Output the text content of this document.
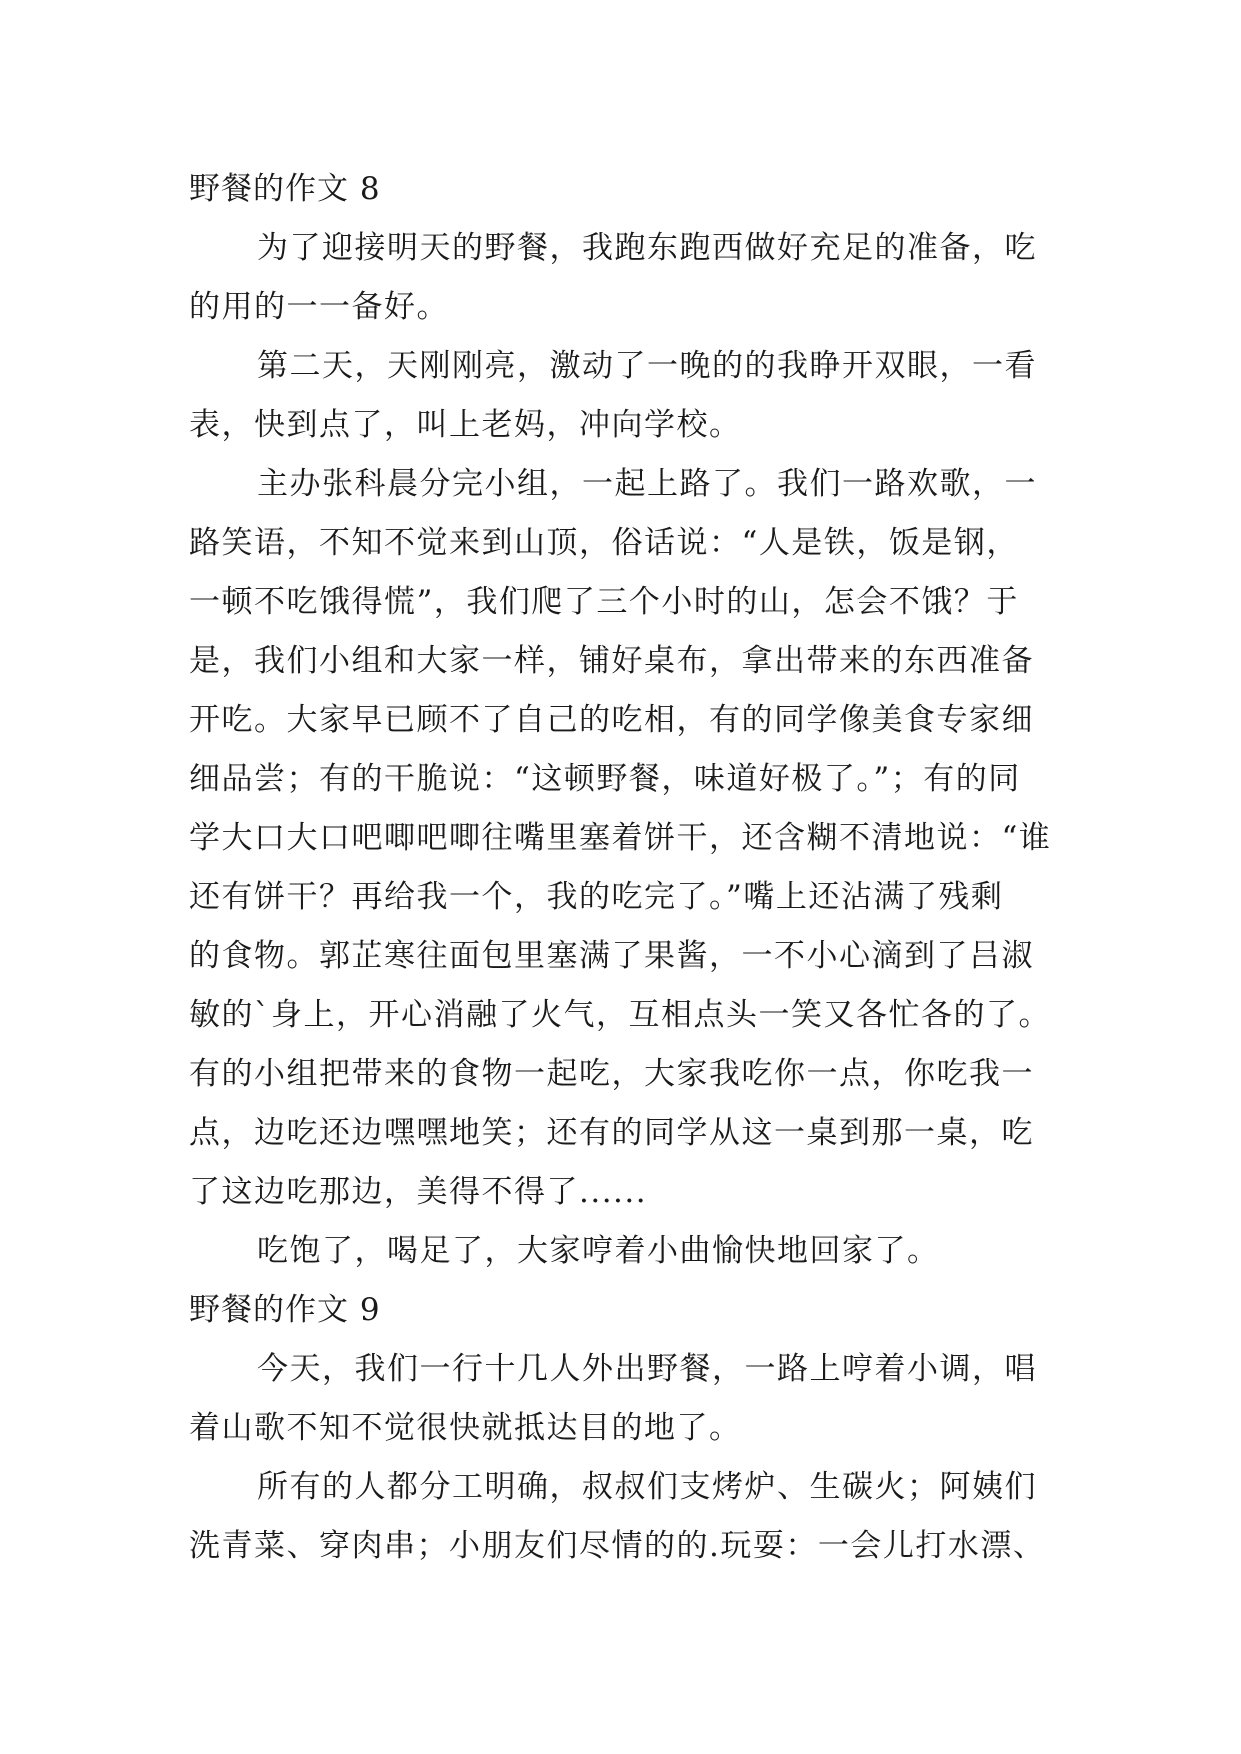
野餐的作文 8
为了迎接明天的野餐，我跑东跑西做好充足的准备，吃
的用的一一备好。
第二天，天刚刚亮，激动了一晚的的我睁开双眼，一看
表，快到点了，叫上老妈，冲向学校。
主办张科晨分完小组，一起上路了。我们一路欢歌，一
路笑语，不知不觉来到山顶，俗话说：“人是铁，饭是钢，
一顿不吃饿得慌”，我们爬了三个小时的山，怎会不饿？于
是，我们小组和大家一样，铺好桌布，拿出带来的东西准备
开吃。大家早已顾不了自己的吃相，有的同学像美食专家细
细品尝；有的干脆说：“这顿野餐，味道好极了。”；有的同
学大口大口吧唧吧唧往嘴里塞着饼干，还含糊不清地说：“谁
还有饼干？再给我一个，我的吃完了。”嘴上还沾满了残剩
的食物。郭芷寒往面包里塞满了果酱，一不小心滴到了吕淑
敏的`身上，开心消融了火气，互相点头一笑又各忙各的了。
有的小组把带来的食物一起吃，大家我吃你一点，你吃我一
点，边吃还边嘿嘿地笑；还有的同学从这一桌到那一桌，吃
了这边吃那边，美得不得了......
吃饱了，喝足了，大家哼着小曲愉快地回家了。
野餐的作文 9
今天，我们一行十几人外出野餐，一路上哼着小调，唱
着山歌不知不觉很快就抵达目的地了。
所有的人都分工明确，叔叔们支烤炉、生碳火；阿姨们
洗青菜、穿肉串；小朋友们尽情的的.玩耍：一会儿打水漂、
